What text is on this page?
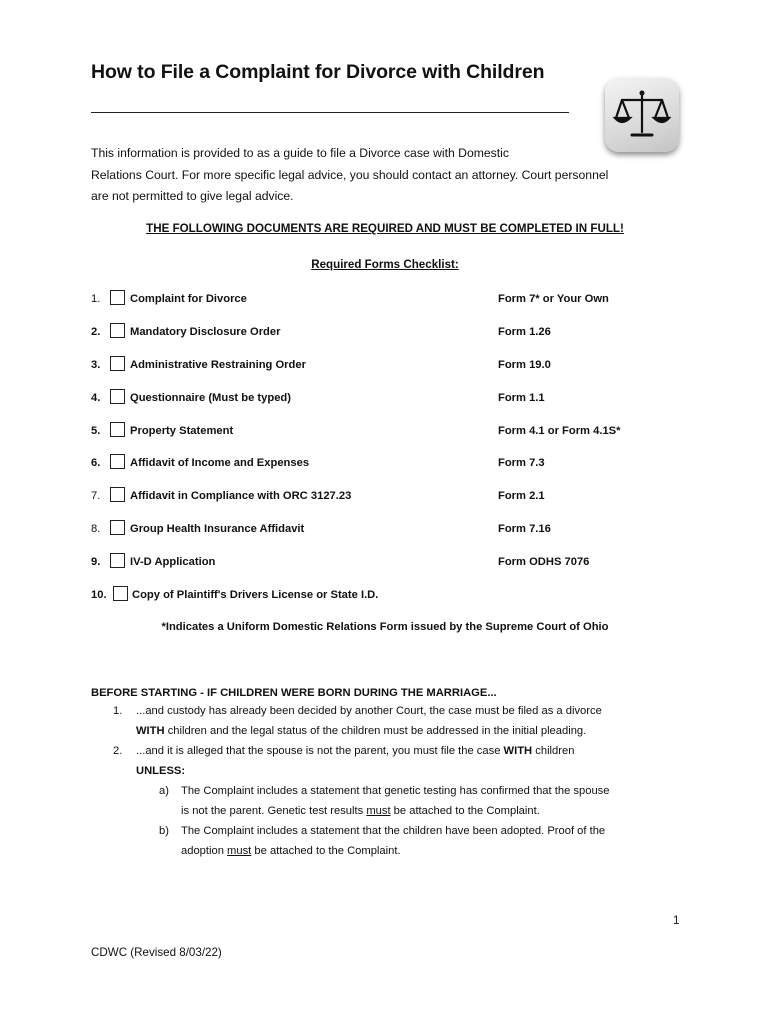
How to File a Complaint for Divorce with Children
This information is provided to as a guide to file a Divorce case with Domestic
Relations Court. For more specific legal advice, you should contact an attorney. Court personnel
are not permitted to give legal advice.
THE FOLLOWING DOCUMENTS ARE REQUIRED AND MUST BE COMPLETED IN FULL!
Required Forms Checklist:
1.	Complaint for Divorce	Form 7* or Your Own
2.	Mandatory Disclosure Order	Form 1.26
3.	Administrative Restraining Order	Form 19.0
4.	Questionnaire (Must be typed)	Form 1.1
5.	Property Statement	Form 4.1 or Form 4.1S*
6.	Affidavit of Income and Expenses	Form 7.3
7.	Affidavit in Compliance with ORC 3127.23	Form 2.1
8.	Group Health Insurance Affidavit	Form 7.16
9.	IV-D Application	Form ODHS 7076
10. Copy of Plaintiff's Drivers License or State I.D.
*Indicates a Uniform Domestic Relations Form issued by the Supreme Court of Ohio
BEFORE STARTING - IF CHILDREN WERE BORN DURING THE MARRIAGE...
1. ...and custody has already been decided by another Court, the case must be filed as a divorce
WITH children and the legal status of the children must be addressed in the initial pleading.
2. ...and it is alleged that the spouse is not the parent, you must file the case WITH children
UNLESS:
a) The Complaint includes a statement that genetic testing has confirmed that the spouse
is not the parent. Genetic test results must be attached to the Complaint.
b) The Complaint includes a statement that the children have been adopted. Proof of the
adoption must be attached to the Complaint.
1
CDWC (Revised 8/03/22)
